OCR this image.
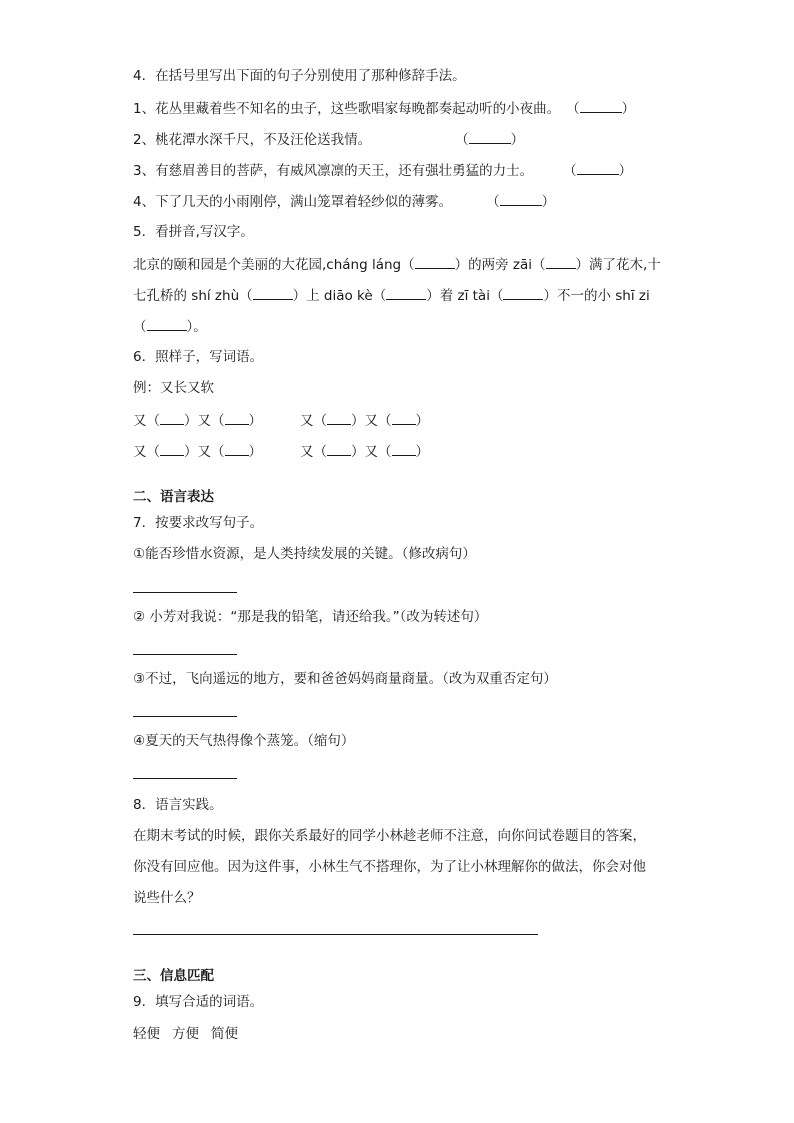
4．在括号里写出下面的句子分别使用了那种修辞手法。
1、花丛里藏着些不知名的虫子，这些歌唱家每晚都奏起动听的小夜曲。 （	）
2、桃花潭水深千尺，不及汪伦送我情。	（	）
3、有慈眉善目的菩萨，有威风凛凛的天王，还有强壮勇猛的力士。 （	）
4、下了几天的小雨刚停，满山笼罩着轻纱似的薄雾。	（	）
5．看拼音,写汉字。
北京的颐和园是个美丽的大花园,cháng láng（	）的两旁 zāi（ ）满了花木,十
七孔桥的 shí zhù（	）上 diāo kè（	）着 zī tài（	）不一的小 shī zi
（	）。
6．照样子，写词语。
例：又长又软
又（ ）又（ ）	又（ ）又（ ）
又（ ）又（ ）	又（ ）又（ ）
二、语言表达
7．按要求改写句子。
①能否珍惜水资源，是人类持续发展的关键。（修改病句）
② 小芳对我说：“那是我的铅笔，请还给我。”（改为转述句）
③不过，飞向遥远的地方，要和爸爸妈妈商量商量。（改为双重否定句）
④夏天的天气热得像个蒸笼。（缩句）
8．语言实践。
在期末考试的时候，跟你关系最好的同学小林趁老师不注意，向你问试卷题目的答案，
你没有回应他。因为这件事，小林生气不搭理你，为了让小林理解你的做法，你会对他
说些什么？
三、信息匹配
9．填写合适的词语。
轻便 方便 简便
